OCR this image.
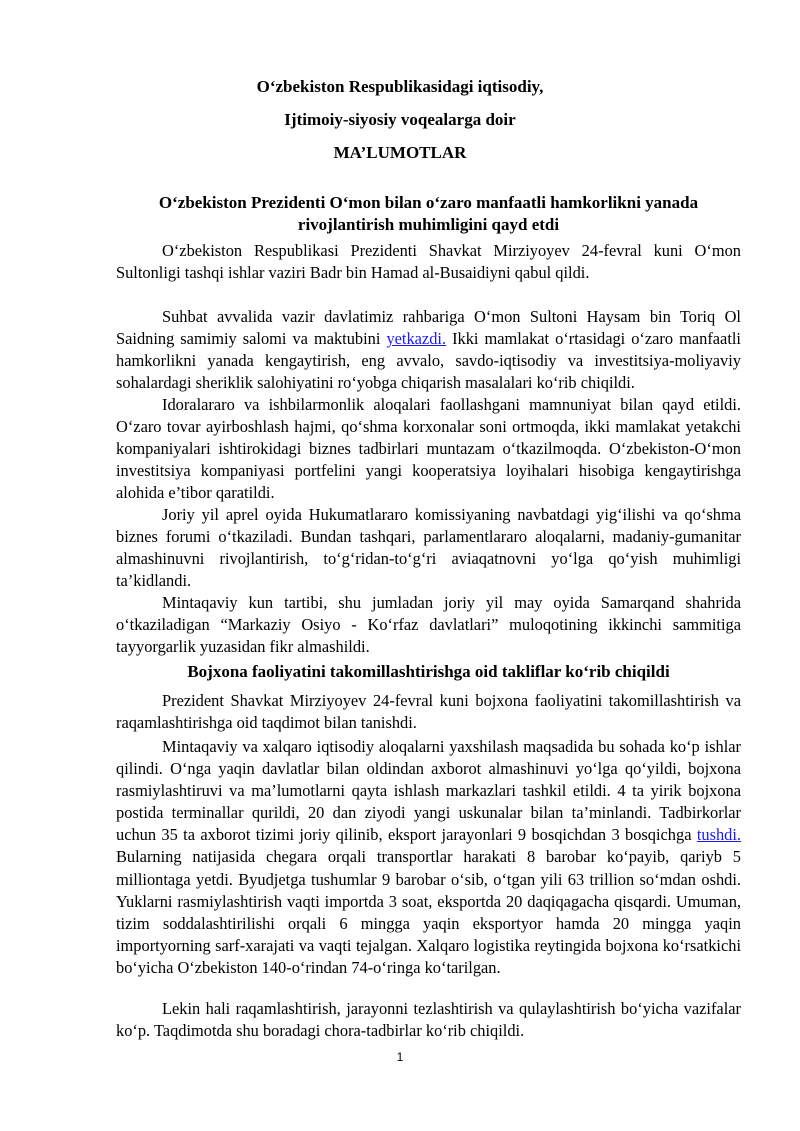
O‘zbekiston Respublikasidagi iqtisodiy,

Ijtimoiy-siyosiy voqealarga doir

MA’LUMOTLAR

O‘zbekiston Prezidenti O‘mon bilan o‘zaro manfaatli hamkorlikni yanada rivojlantirish muhimligini qayd etdi

O‘zbekiston Respublikasi Prezidenti Shavkat Mirziyoyev 24-fevral kuni O‘mon Sultonligi tashqi ishlar vaziri Badr bin Hamad al-Busaidiyni qabul qildi.

Suhbat avvalida vazir davlatimiz rahbariga O‘mon Sultoni Haysam bin Toriq Ol Saidning samimiy salomi va maktubini yetkazdi. Ikki mamlakat o‘rtasidagi o‘zaro manfaatli hamkorlikni yanada kengaytirish, eng avvalo, savdo-iqtisodiy va investitsiya-moliyaviy sohalardagi sheriklik salohiyatini ro‘yobga chiqarish masalalari ko‘rib chiqildi.

Idoralararo va ishbilarmonlik aloqalari faollashgani mamnuniyat bilan qayd etildi. O‘zaro tovar ayirboshlash hajmi, qo‘shma korxonalar soni ortmoqda, ikki mamlakat yetakchi kompaniyalari ishtirokidagi biznes tadbirlari muntazam o‘tkazilmoqda. O‘zbekiston-O‘mon investitsiya kompaniyasi portfelini yangi kooperatsiya loyihalari hisobiga kengaytirishga alohida e’tibor qaratildi.

Joriy yil aprel oyida Hukumatlararo komissiyaning navbatdagi yig‘ilishi va qo‘shma biznes forumi o‘tkaziladi. Bundan tashqari, parlamentlararo aloqalarni, madaniy-gumanitar almashinuvni rivojlantirish, to‘g‘ridan-to‘g‘ri aviaqatnovni yo‘lga qo‘yish muhimligi ta’kidlandi.

Mintaqaviy kun tartibi, shu jumladan joriy yil may oyida Samarqand shahrida o‘tkaziladigan “Markaziy Osiyo - Ko‘rfaz davlatlari” muloqotining ikkinchi sammitiga tayyorgarlik yuzasidan fikr almashildi.

Bojxona faoliyatini takomillashtirishga oid takliflar ko‘rib chiqildi

Prezident Shavkat Mirziyoyev 24-fevral kuni bojxona faoliyatini takomillashtirish va raqamlashtirishga oid taqdimot bilan tanishdi.

Mintaqaviy va xalqaro iqtisodiy aloqalarni yaxshilash maqsadida bu sohada ko‘p ishlar qilindi. O‘nga yaqin davlatlar bilan oldindan axborot almashinuvi yo‘lga qo‘yildi, bojxona rasmiylashtiruvi va ma’lumotlarni qayta ishlash markazlari tashkil etildi. 4 ta yirik bojxona postida terminallar qurildi, 20 dan ziyodi yangi uskunalar bilan ta’minlandi. Tadbirkorlar uchun 35 ta axborot tizimi joriy qilinib, eksport jarayonlari 9 bosqichdan 3 bosqichga tushdi. Bularning natijasida chegara orqali transportlar harakati 8 barobar ko‘payib, qariyb 5 milliontaga yetdi. Byudjetga tushumlar 9 barobar o‘sib, o‘tgan yili 63 trillion so‘mdan oshdi. Yuklarni rasmiylashtirish vaqti importda 3 soat, eksportda 20 daqiqagacha qisqardi. Umuman, tizim soddalashtirilishi orqali 6 mingga yaqin eksportyor hamda 20 mingga yaqin importyorning sarf-xarajati va vaqti tejalgan. Xalqaro logistika reytingida bojxona ko‘rsatkichi bo‘yicha O‘zbekiston 140-o‘rindan 74-o‘ringa ko‘tarilgan.

Lekin hali raqamlashtirish, jarayonni tezlashtirish va qulaylashtirish bo‘yicha vazifalar ko‘p. Taqdimotda shu boradagi chora-tadbirlar ko‘rib chiqildi.

1
